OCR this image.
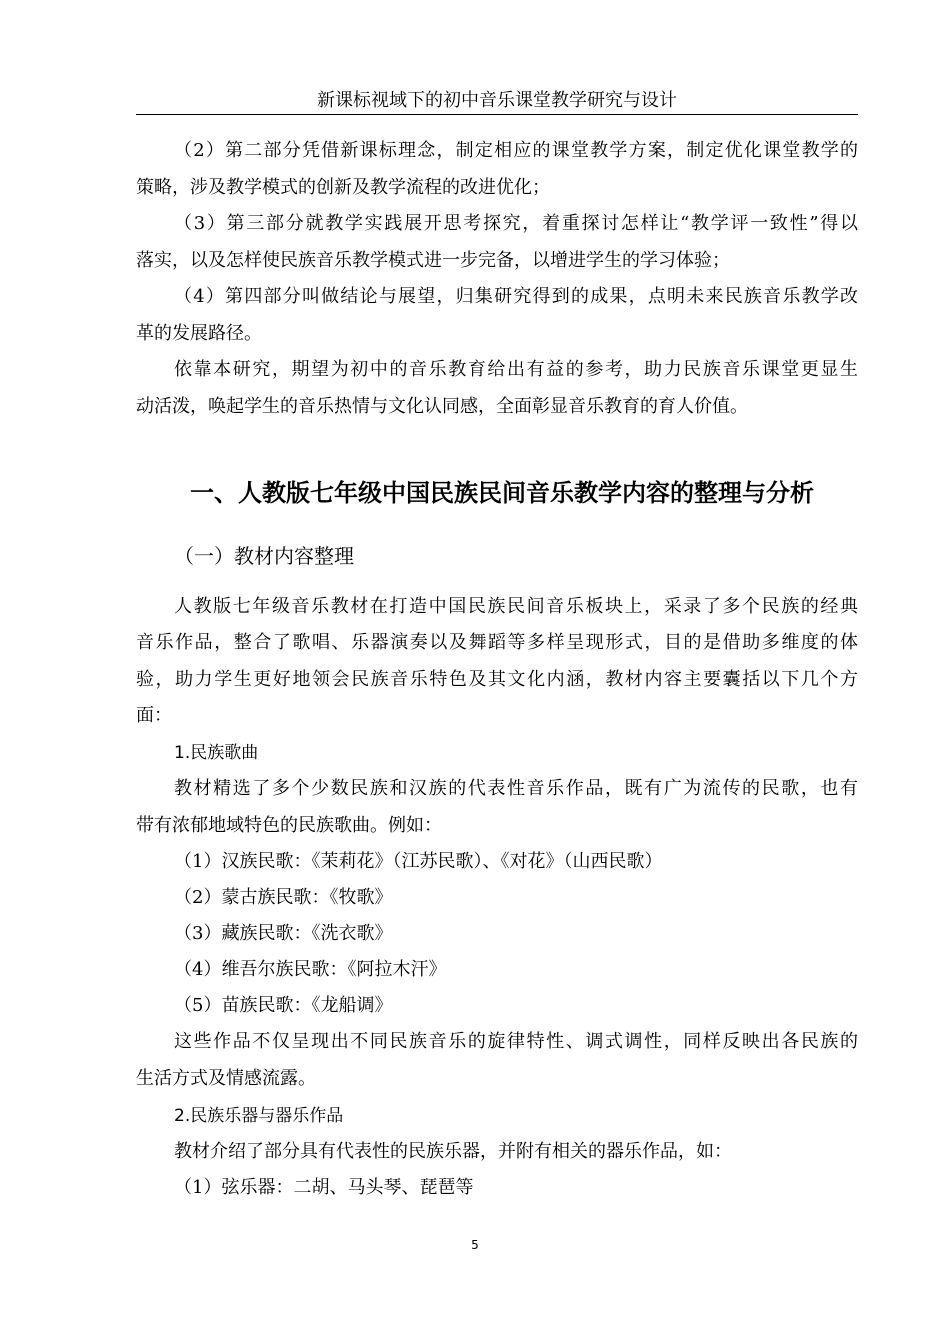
新课标视域下的初中音乐课堂教学研究与设计
（2）第二部分凭借新课标理念，制定相应的课堂教学方案，制定优化课堂教学的
策略，涉及教学模式的创新及教学流程的改进优化；
（3）第三部分就教学实践展开思考探究，着重探讨怎样让“教学评一致性”得以
落实，以及怎样使民族音乐教学模式进一步完备，以增进学生的学习体验；
（4）第四部分叫做结论与展望，归集研究得到的成果，点明未来民族音乐教学改
革的发展路径。
依靠本研究，期望为初中的音乐教育给出有益的参考，助力民族音乐课堂更显生
动活泼，唤起学生的音乐热情与文化认同感，全面彰显音乐教育的育人价值。
一、人教版七年级中国民族民间音乐教学内容的整理与分析
（一）教材内容整理
人教版七年级音乐教材在打造中国民族民间音乐板块上，采录了多个民族的经典
音乐作品，整合了歌唱、乐器演奏以及舞蹈等多样呈现形式，目的是借助多维度的体
验，助力学生更好地领会民族音乐特色及其文化内涵，教材内容主要囊括以下几个方
面：
1.民族歌曲
教材精选了多个少数民族和汉族的代表性音乐作品，既有广为流传的民歌，也有
带有浓郁地域特色的民族歌曲。例如：
（1）汉族民歌：《茉莉花》（江苏民歌）、《对花》（山西民歌）
（2）蒙古族民歌：《牧歌》
（3）藏族民歌：《洗衣歌》
（4）维吾尔族民歌：《阿拉木汗》
（5）苗族民歌：《龙船调》
这些作品不仅呈现出不同民族音乐的旋律特性、调式调性，同样反映出各民族的
生活方式及情感流露。
2.民族乐器与器乐作品
教材介绍了部分具有代表性的民族乐器，并附有相关的器乐作品，如：
（1）弦乐器：二胡、马头琴、琵琶等
5
